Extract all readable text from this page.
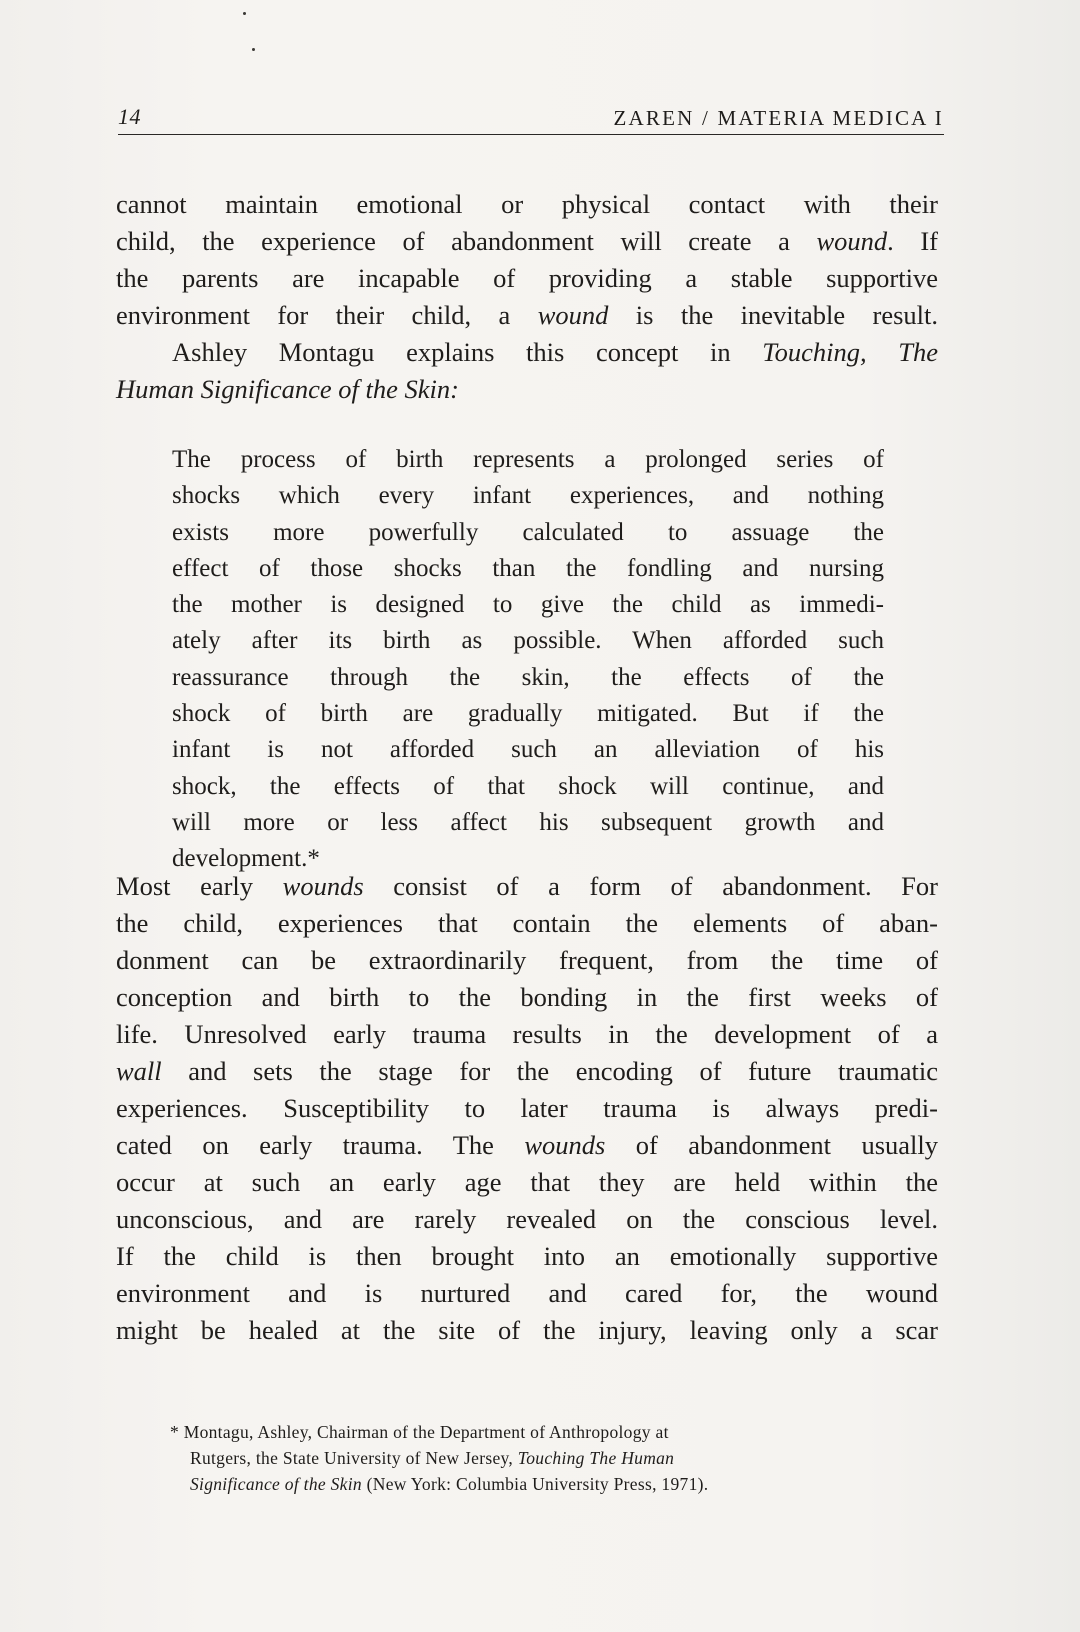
14	ZAREN / MATERIA MEDICA I

cannot maintain emotional or physical contact with their

child, the experience of abandonment will create a wound. If

the parents are incapable of providing a stable supportive

environment for their child, a wound is the inevitable result.

Ashley Montagu explains this concept in Touching, The

Human Significance of the Skin:

The process of birth represents a prolonged series of

shocks which every infant experiences, and nothing

exists more powerfully calculated to assuage the

effect of those shocks than the fondling and nursing

the mother is designed to give the child as immedi-

ately after its birth as possible. When afforded such

reassurance through the skin, the effects of the

shock of birth are gradually mitigated. But if the

infant is not afforded such an alleviation of his

shock, the effects of that shock will continue, and

will more or less affect his subsequent growth and

development.*

Most early wounds consist of a form of abandonment. For

the child, experiences that contain the elements of aban-

donment can be extraordinarily frequent, from the time of

conception and birth to the bonding in the first weeks of

life. Unresolved early trauma results in the development of a

wall and sets the stage for the encoding of future traumatic

experiences. Susceptibility to later trauma is always predi-

cated on early trauma. The wounds of abandonment usually

occur at such an early age that they are held within the

unconscious, and are rarely revealed on the conscious level.

If the child is then brought into an emotionally supportive

environment and is nurtured and cared for, the wound

might be healed at the site of the injury, leaving only a scar

* Montagu, Ashley, Chairman of the Department of Anthropology at

Rutgers, the State University of New Jersey, Touching The Human

Significance of the Skin (New York: Columbia University Press, 1971).
